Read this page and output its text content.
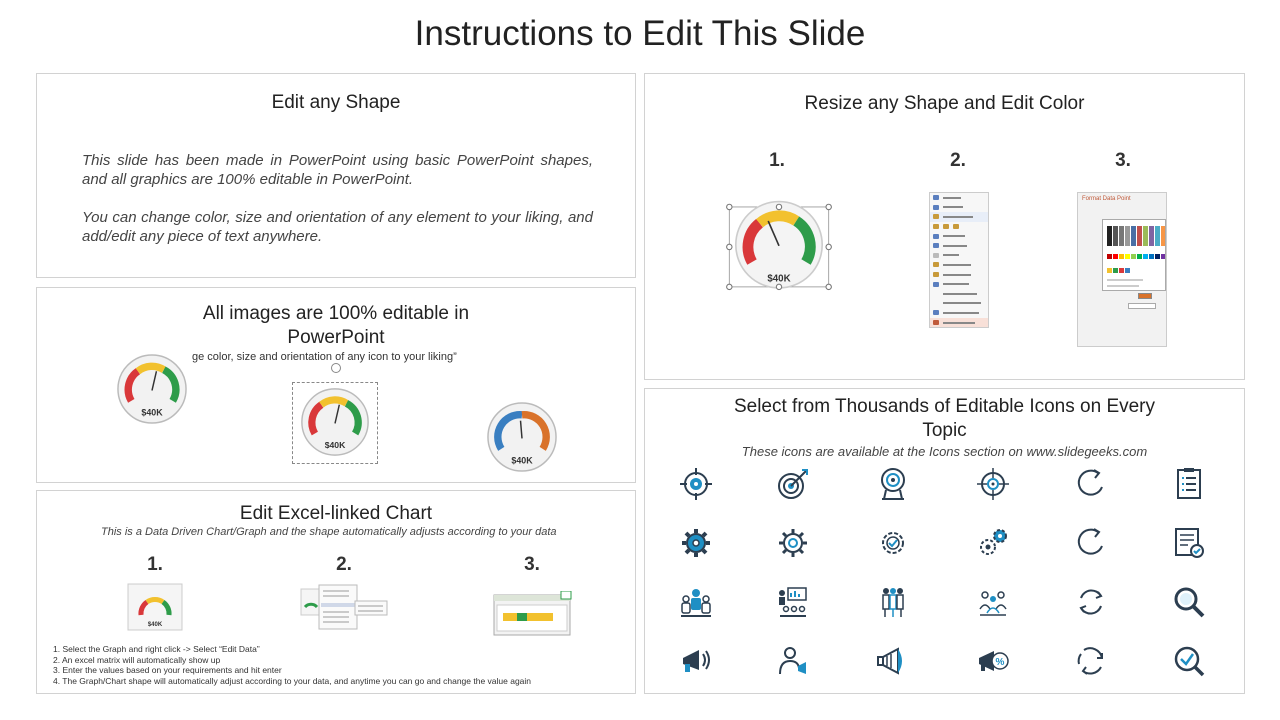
Instructions to Edit This Slide
Edit any Shape
This slide has been made in PowerPoint using basic PowerPoint shapes, and all graphics are 100% editable in PowerPoint.
You can change color, size and orientation of any element to your liking, and add/edit any piece of text anywhere.
All images are 100% editable in
PowerPoint
ge color, size and orientation of any icon to your liking”
$40K
$40K
$40K
Edit Excel-linked Chart
This is a Data Driven Chart/Graph and the shape automatically adjusts according to your data
1.	2.	3.
$40K
1. Select the Graph and right click -> Select “Edit Data”
2. An excel matrix will automatically show up
3. Enter the values based on your requirements and hit enter
4. The Graph/Chart shape will automatically adjust according to your data, and anytime you can go and change the value again
Resize any Shape and Edit Color
1.	2.	3.
$40K
Format Data Point
Select from Thousands of Editable Icons on Every
Topic
These icons are available at the Icons section on www.slidegeeks.com
%
